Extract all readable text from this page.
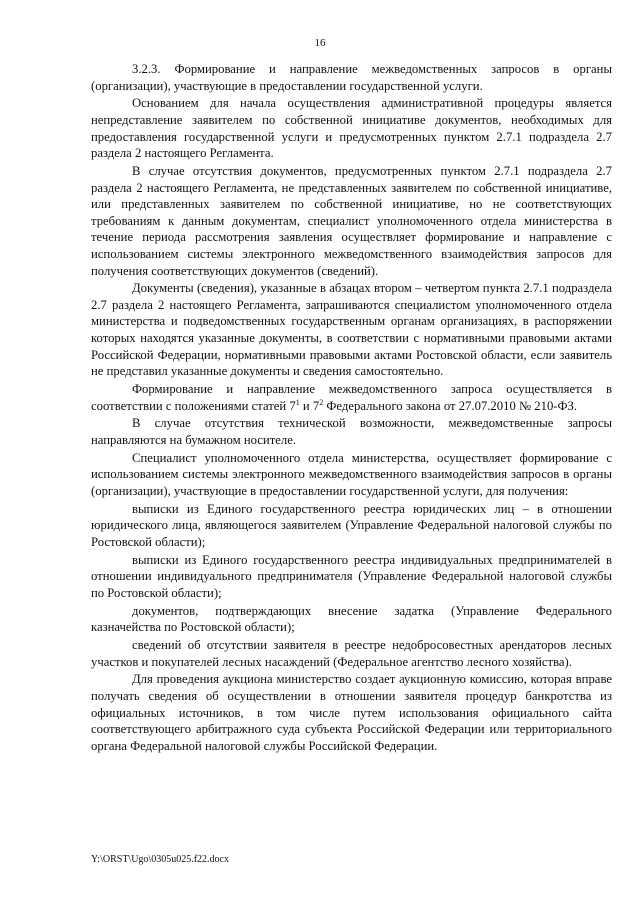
16

3.2.3. Формирование и направление межведомственных запросов в органы (организации), участвующие в предоставлении государственной услуги.

Основанием для начала осуществления административной процедуры является непредставление заявителем по собственной инициативе документов, необходимых для предоставления государственной услуги и предусмотренных пунктом 2.7.1 подраздела 2.7 раздела 2 настоящего Регламента.

В случае отсутствия документов, предусмотренных пунктом 2.7.1 подраздела 2.7 раздела 2 настоящего Регламента, не представленных заявителем по собственной инициативе, или представленных заявителем по собственной инициативе, но не соответствующих требованиям к данным документам, специалист уполномоченного отдела министерства в течение периода рассмотрения заявления осуществляет формирование и направление с использованием системы электронного межведомственного взаимодействия запросов для получения соответствующих документов (сведений).

Документы (сведения), указанные в абзацах втором – четвертом пункта 2.7.1 подраздела 2.7 раздела 2 настоящего Регламента, запрашиваются специалистом уполномоченного отдела министерства и подведомственных государственным органам организациях, в распоряжении которых находятся указанные документы, в соответствии с нормативными правовыми актами Российской Федерации, нормативными правовыми актами Ростовской области, если заявитель не представил указанные документы и сведения самостоятельно.

Формирование и направление межведомственного запроса осуществляется в соответствии с положениями статей $7^1$ и $7^2$ Федерального закона от 27.07.2010 № 210-ФЗ.

В случае отсутствия технической возможности, межведомственные запросы направляются на бумажном носителе.

Специалист уполномоченного отдела министерства, осуществляет формирование с использованием системы электронного межведомственного взаимодействия запросов в органы (организации), участвующие в предоставлении государственной услуги, для получения:

выписки из Единого государственного реестра юридических лиц – в отношении юридического лица, являющегося заявителем (Управление Федеральной налоговой службы по Ростовской области);

выписки из Единого государственного реестра индивидуальных предпринимателей в отношении индивидуального предпринимателя (Управление Федеральной налоговой службы по Ростовской области);

документов, подтверждающих внесение задатка (Управление Федерального казначейства по Ростовской области);

сведений об отсутствии заявителя в реестре недобросовестных арендаторов лесных участков и покупателей лесных насаждений (Федеральное агентство лесного хозяйства).

Для проведения аукциона министерство создает аукционную комиссию, которая вправе получать сведения об осуществлении в отношении заявителя процедур банкротства из официальных источников, в том числе путем использования официального сайта соответствующего арбитражного суда субъекта Российской Федерации или территориального органа Федеральной налоговой службы Российской Федерации.

Y:\ORST\Ugo\0305u025.f22.docx
